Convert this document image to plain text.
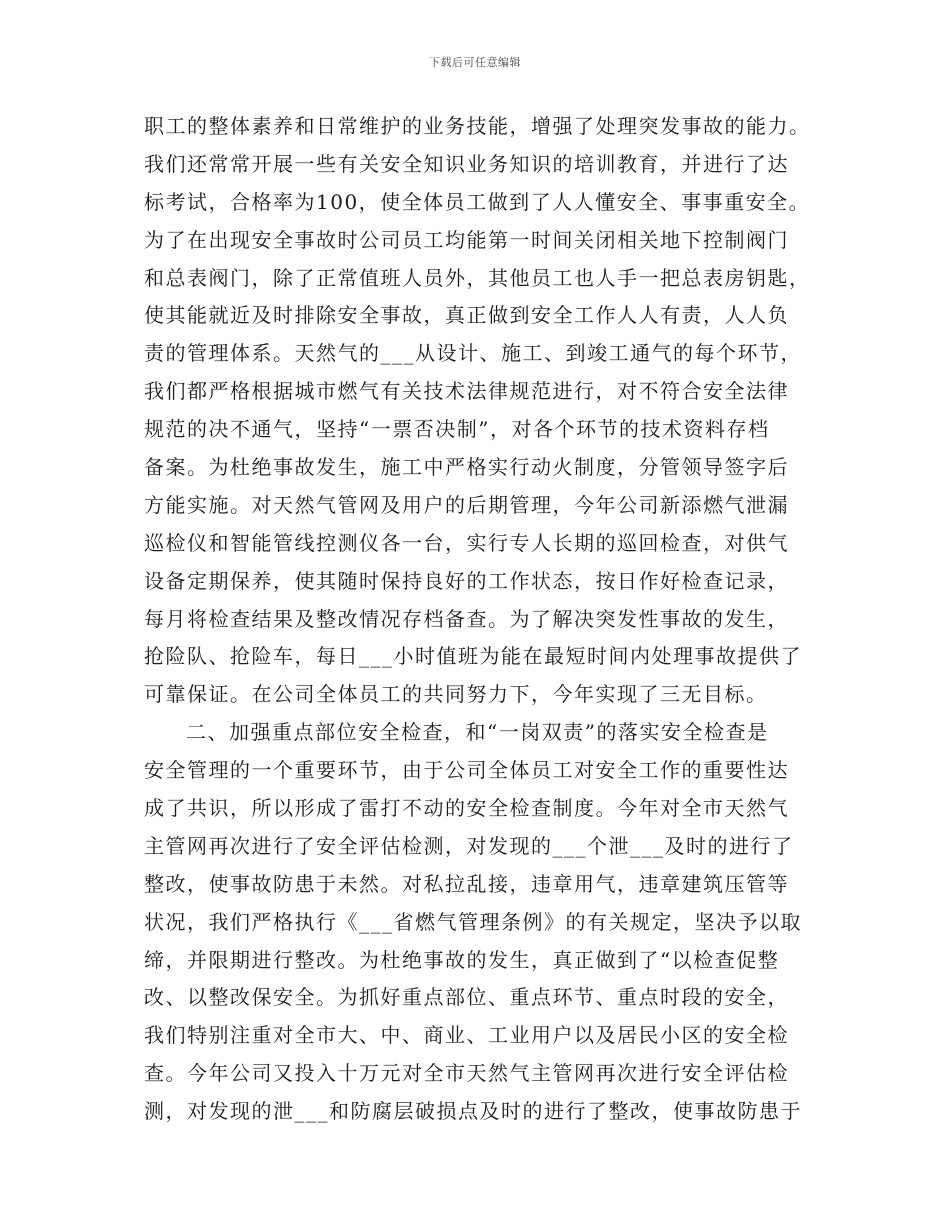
下载后可任意编辑
职工的整体素养和日常维护的业务技能，增强了处理突发事故的能力。
我们还常常开展一些有关安全知识业务知识的培训教育，并进行了达
标考试，合格率为100，使全体员工做到了人人懂安全、事事重安全。
为了在出现安全事故时公司员工均能第一时间关闭相关地下控制阀门
和总表阀门，除了正常值班人员外，其他员工也人手一把总表房钥匙，
使其能就近及时排除安全事故，真正做到安全工作人人有责，人人负
责的管理体系。天然气的___从设计、施工、到竣工通气的每个环节，
我们都严格根据城市燃气有关技术法律规范进行，对不符合安全法律
规范的决不通气，坚持“一票否决制”，对各个环节的技术资料存档
备案。为杜绝事故发生，施工中严格实行动火制度，分管领导签字后
方能实施。对天然气管网及用户的后期管理，今年公司新添燃气泄漏
巡检仪和智能管线控测仪各一台，实行专人长期的巡回检查，对供气
设备定期保养，使其随时保持良好的工作状态，按日作好检查记录，
每月将检查结果及整改情况存档备查。为了解决突发性事故的发生，
抢险队、抢险车，每日___小时值班为能在最短时间内处理事故提供了
可靠保证。在公司全体员工的共同努力下，今年实现了三无目标。
二、加强重点部位安全检查，和“一岗双责”的落实安全检查是
安全管理的一个重要环节，由于公司全体员工对安全工作的重要性达
成了共识，所以形成了雷打不动的安全检查制度。今年对全市天然气
主管网再次进行了安全评估检测，对发现的___个泄___及时的进行了
整改，使事故防患于未然。对私拉乱接，违章用气，违章建筑压管等
状况，我们严格执行《___省燃气管理条例》的有关规定，坚决予以取
缔，并限期进行整改。为杜绝事故的发生，真正做到了“以检查促整
改、以整改保安全。为抓好重点部位、重点环节、重点时段的安全，
我们特别注重对全市大、中、商业、工业用户以及居民小区的安全检
查。今年公司又投入十万元对全市天然气主管网再次进行安全评估检
测，对发现的泄___和防腐层破损点及时的进行了整改，使事故防患于
